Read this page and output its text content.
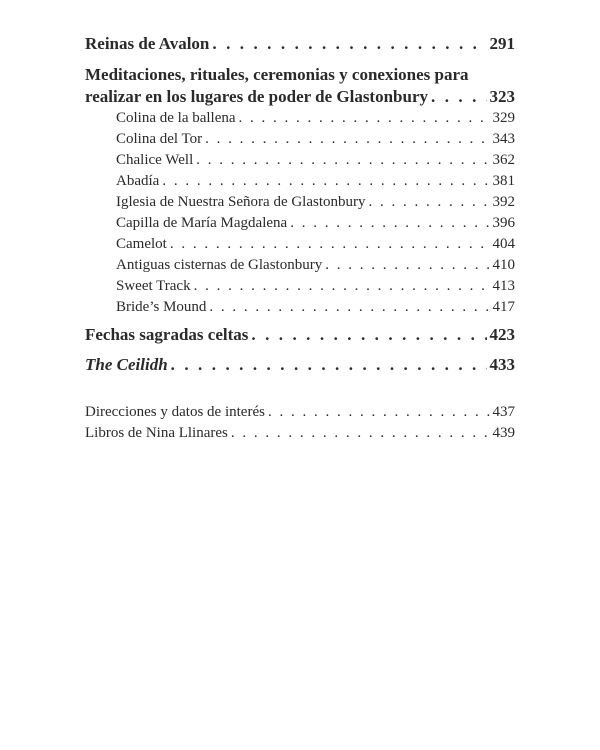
Reinas de Avalon . . .	291
Meditaciones, rituales, ceremonias y conexiones para
realizar en los lugares de poder de Glastonbury . . .	323
Colina de la ballena . . .	329
Colina del Tor . . .	343
Chalice Well . . .	362
Abadía . . .	381
Iglesia de Nuestra Señora de Glastonbury . . .	392
Capilla de María Magdalena . . .	396
Camelot . . .	404
Antiguas cisternas de Glastonbury . . .	410
Sweet Track . . .	413
Bride’s Mound . . .	417
Fechas sagradas celtas . . .	423
The Ceilidh . . .	433
Direcciones y datos de interés . . .	437
Libros de Nina Llinares . . .	439
